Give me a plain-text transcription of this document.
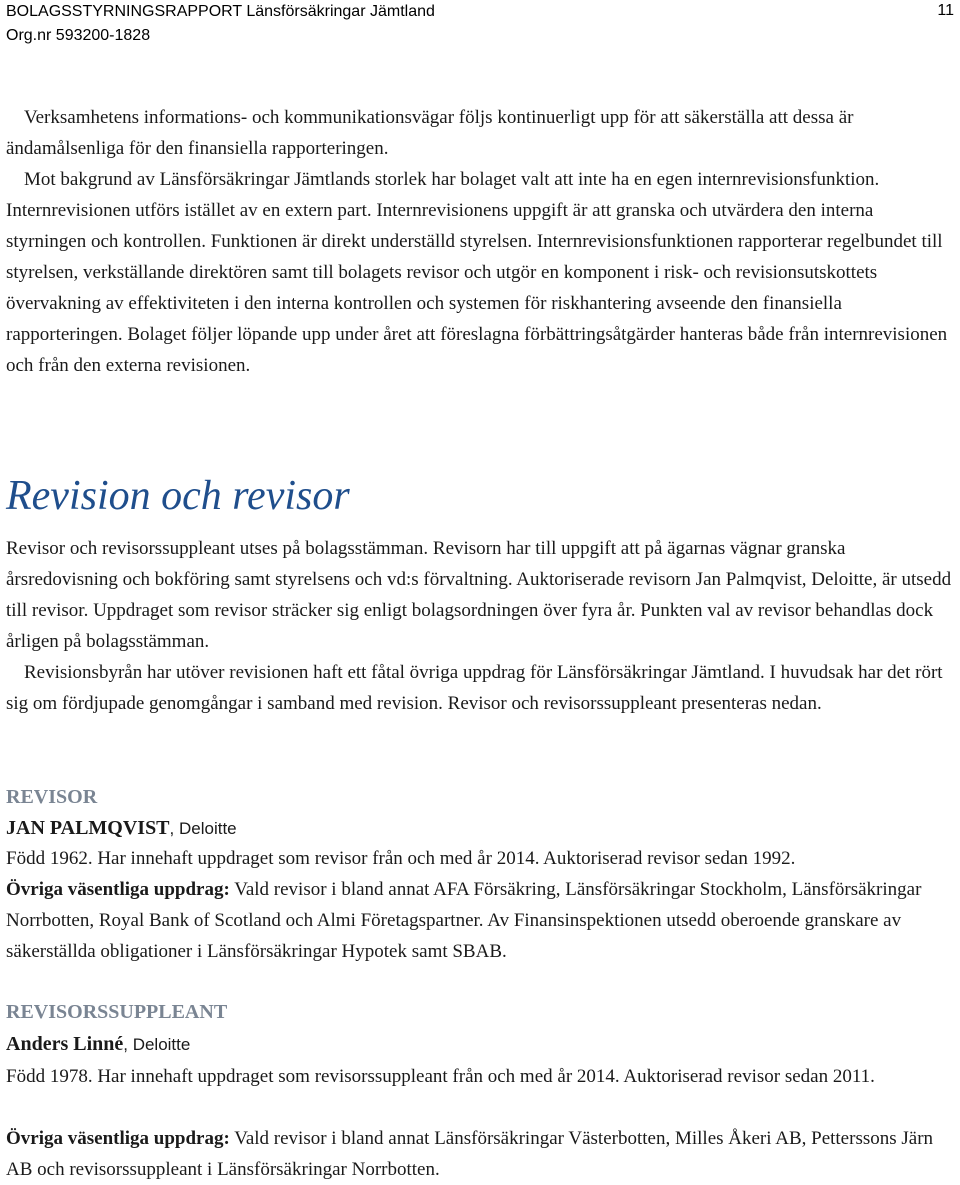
BOLAGSSTYRNINGSRAPPORT Länsförsäkringar Jämtland
Org.nr 593200-1828
11

Verksamhetens informations- och kommunikationsvägar följs kontinuerligt upp för att säkerställa att dessa är ändamålsenliga för den finansiella rapporteringen.

Mot bakgrund av Länsförsäkringar Jämtlands storlek har bolaget valt att inte ha en egen internrevisionsfunktion. Internrevisionen utförs istället av en extern part. Internrevisionens uppgift är att granska och utvärdera den interna styrningen och kontrollen. Funktionen är direkt underställd styrelsen. Internrevisionsfunktionen rapporterar regelbundet till styrelsen, verkställande direktören samt till bolagets revisor och utgör en komponent i risk- och revisionsutskottets övervakning av effektiviteten i den interna kontrollen och systemen för riskhantering avseende den finansiella rapporteringen. Bolaget följer löpande upp under året att föreslagna förbättringsåtgärder hanteras både från internrevisionen och från den externa revisionen.

Revision och revisor

Revisor och revisorssuppleant utses på bolagsstämman. Revisorn har till uppgift att på ägarnas vägnar granska årsredovisning och bokföring samt styrelsens och vd:s förvaltning. Auktoriserade revisorn Jan Palmqvist, Deloitte, är utsedd till revisor. Uppdraget som revisor sträcker sig enligt bolagsordningen över fyra år. Punkten val av revisor behandlas dock årligen på bolagsstämman.

Revisionsbyrån har utöver revisionen haft ett fåtal övriga uppdrag för Länsförsäkringar Jämtland. I huvudsak har det rört sig om fördjupade genomgångar i samband med revision. Revisor och revisorssuppleant presenteras nedan.

REVISOR

JAN PALMQVIST, Deloitte

Född 1962. Har innehaft uppdraget som revisor från och med år 2014. Auktoriserad revisor sedan 1992.

Övriga väsentliga uppdrag: Vald revisor i bland annat AFA Försäkring, Länsförsäkringar Stockholm, Länsförsäkringar Norrbotten, Royal Bank of Scotland och Almi Företagspartner. Av Finansinspektionen utsedd oberoende granskare av säkerställda obligationer i Länsförsäkringar Hypotek samt SBAB.

REVISORSSUPPLEANT

Anders Linné, Deloitte

Född 1978. Har innehaft uppdraget som revisorssuppleant från och med år 2014. Auktoriserad revisor sedan 2011.

Övriga väsentliga uppdrag: Vald revisor i bland annat Länsförsäkringar Västerbotten, Milles Åkeri AB, Petterssons Järn AB och revisorssuppleant i Länsförsäkringar Norrbotten.
